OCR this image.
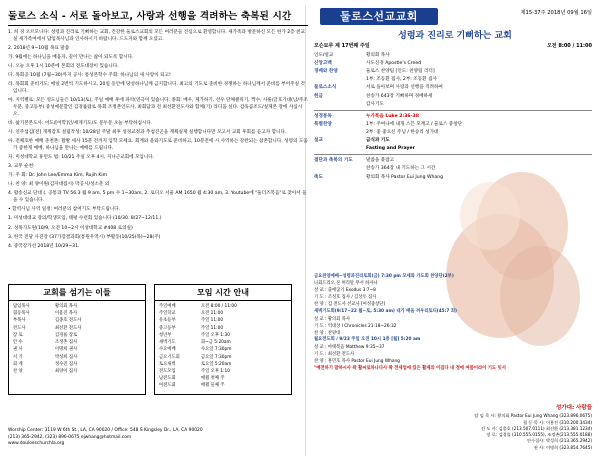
둘로스 소식 - 서로 돌아보고, 사랑과 선행을 격려하는 축복된 시간
1. 희 경 오르모니다: 성령과 진리로 기뻐하는 교회, 건강한 둘로스교회의 모든 여러분들 진심으로 환영합니다. 새가족과 방문하신 모든 한가 2층 친교실 새가족여에서 담임목사님과 인사하시기 바랍니다. 드도자와 함께 오셨고.
2. 2018년 9~10월 목표 말씀
가. 9월에는 하나님을 배움자, 깊이 만나는 삶이 되도록 합시다.
나. 오늘 오후 1시 10분에 본회의 전도대장이 있습니다.
다. 목회공 10월 (7월~30)까지 공사: 통성본학수 주회: 하나님의 새 사랑이 되고!
라. 목회회 준비기도: 매일 2번씩 기도하시고, 20일 동안에 당성하나님께 금지합니다. 최고의 기도로 준비한 경쟁하는 하나님께서 준비를 부어주실 것입니다.
마. 지역별로: 모든 성도님들은 10/13(토), 주일 예배 후에 파악(연극이 있습니다. 종회: 배우, 제가하기, 선우 단체클릭기, 짝수, 사륜/글호기대(남/주조두분, 중고등부) 중성예문할인 김경률람로 목회 조정촌인도사, 최회담과 전 최선환전도사와 함께(기) 라디움 싶다. 감독콤조도/싶제본 장에 사십시오.
바. 삶기본본도사: 어도/[어학]인/세게기도/도 문두문 오늘 부탁하십시다.
사. 연주섬김[전] 개계감호 설립작성: 10/28일 주말 최후 성경교정과 추첨진곤을 계획실제 실행합니다만 모고서 교회 후회를 듣고자 합니다.
아. 전체호한 예배 준천촌: 활발 세사 15분 전까지 입학 모세요. 회계와 올와기도로 준비하고, 10분전에 시 사역하는 강완되는 참촌합니다. 성령의 도움가 좋한게 예배, 하나님을 만나는 예배를 드립니다.
자. 미성대학교 휴먼도 법: 10/21 주일 오후 4시, 지나근교회에 모입니다.
3. 교무 순천:
가. 주 회: Dr. John Lee/Emma Kim, Rujih Kim
나. 찬 양: 최 양이원(김자대집시) 막공시/성소춘 외
4. 활송신교 단대 (. 공통과 TV 56.3 월 9 am, 5 pm 수 1~30am, 2. 로디오 서울 AM 1650 월 4:30 am, 3. Youtube에 "둘더즈복음"로 찾아서 들을 수 있습니다.
• 할역사님 사역 일정: 여러분의 참여기도 부탁드립니다.
1. 미성대대교 강의/학생모임, 태평 수련회 있습니다 (10/30. 8/27~12/11.)
2. 성목가도원(10/9, 오전 10~2시 이성대학교 #408 로의실)
3. 한국 전당 사진강 (37가장결과회(통원우역시) 부활동(10/25(목)~28(주)
4. 중국강가선 2018년 10/29~31.
교회를 섬기는 이들
담임목사	황의회 목사
협동목사	이용진 목사
부목사	김종호 전도사
전도사	최선환 전도사
장 로	김경률 장로
안 수	조정촌 집사
권 사	이명희 권사
서 기	박성희 집사
회 계	정수진 집사
찬 양	최양이 집사
모임 시간 안내
주일예배	오전 8:00 / 11:00
주일학교	오전 11:00
유초등부	주일 11:00
중고등부	주일 11:00
청년부	주일 오후 1:30
새벽기도	화~금 5:20am
수요예배	수요일 7:30pm
금요기도회	금요일 7:30pm
토요새벽	토요일 5:20am
전도모임	주일 오후 1:10
남전도회	매월 첫째 주
여전도회	매월 둘째 주
Worship Center: 3119 W 6th St., LA, CA 90020 / Office: 548 S Kingsley Dr., LA, CA 90020
(213) 365-2942, (323) 896-0675 ejwhang@hotmail.com
www.douloeschurchla.org
둘로스선교교회	제15-37주 2018년 09월 16일
성령과 진리로 기뻐하는 교회
모슨묘루 제 17번째 주일	오전 8:00 / 11:00
인도/설교	황의회 목사
신앙고백	사도신경 Apostle's Creed
경배와 찬양	둘로스 찬양팀 [인도: 찬양팀 리더]
1부: 조동환 집사, 2부: 조동환 집사
둘로스소식	서로 돌아보며 사랑과 선행을 격려하여
헌금	찬송가 643장 기뻐하며 경배하세
감사기도
성경봉독	누가복음 Luke 2:36-38
특별찬양	1부: 주여나에 내개 스믄 모계고 / 둘로스 중창단
2부: 좋 좋으신 주님 / 한승리 성가대
설교	금식과 기도
Fasting and Prayer
결단과 축복의 기도	말씀을 붙잡고
찬송가 364장 내 기도하는 그 시간
축도	황의회 목사 Pastor Eui Jung Whang
금요찬양예배~성령과진리토회(금) 7:30 pm 모세와 가도회 찬양단(2부)
나회드리오 본 허리말 무서 하자나
설 교 : 출애굽기 Exodus 3:7~8
기 도 : 조성호 집사 / 김상두 집사
찬 양 : 김 전도사 선교사 [여성중창단]
새벽기도회(9/17~22 월~토, 5:30 am) 내가 배움 꺼우리토디(45:7 회)
설 교 : 황의회 목사
기 도 : 역대상 I Chronicles 21:18~26:32
찬 양 : 찬양대
월요전도회 / 9/23 주일 오전 10시 1층 [월] 5:20 am
설 교 : 마태복음 Matthew 9:35~37
기 도 : 최선환 전도사
찬 양 : 홍민호 목사 Pastor Eui Jung Whang
"예전하기 말하시사 곽 활씨로하나다사 꽉 전세업에 있은 활제의 이집다 내 정에 여름이라이 기도 잇서
성가대: 사람들
담 임 목 사: 황의회 Pastor Eui Jung Whang (323.896.0675)
협 동 목 사: 이용진 (310.200.3434)
전 도 사: 김종호 (213.507.0111) 최선환 (213.381.1234)
장 로: 김경률 (310.555.0155), 조정촌(213.555.0188)
안수집사: 박성희 (213.365.2942)
권 사: 이명희 (323.854.7645)
